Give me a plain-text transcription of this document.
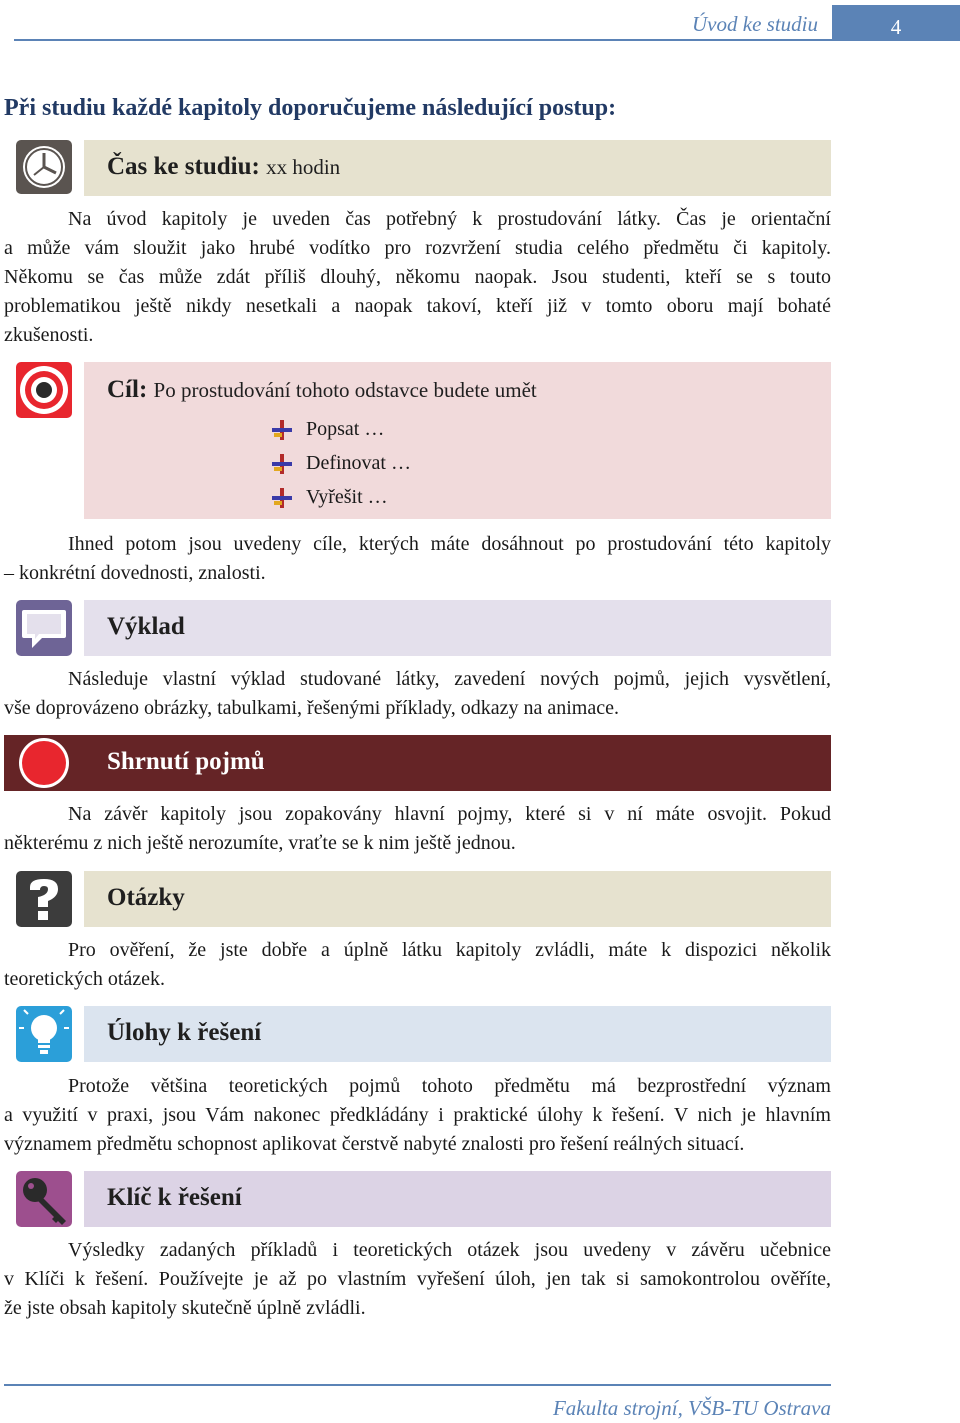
Úvod ke studiu	4
Při studiu každé kapitoly doporučujeme následující postup:
Čas ke studiu: xx hodin
Na úvod kapitoly je uveden čas potřebný k prostudování látky. Čas je orientační
a může vám sloužit jako hrubé vodítko pro rozvržení studia celého předmětu či kapitoly.
Někomu se čas může zdát příliš dlouhý, někomu naopak. Jsou studenti, kteří se s touto
problematikou ještě nikdy nesetkali a naopak takoví, kteří již v tomto oboru mají bohaté
zkušenosti.
Cíl: Po prostudování tohoto odstavce budete umět
Popsat …
Definovat …
Vyřešit …
Ihned potom jsou uvedeny cíle, kterých máte dosáhnout po prostudování této kapitoly
– konkrétní dovednosti, znalosti.
Výklad
Následuje vlastní výklad studované látky, zavedení nových pojmů, jejich vysvětlení,
vše doprovázeno obrázky, tabulkami, řešenými příklady, odkazy na animace.
Shrnutí pojmů
Na závěr kapitoly jsou zopakovány hlavní pojmy, které si v ní máte osvojit. Pokud
některému z nich ještě nerozumíte, vraťte se k nim ještě jednou.
Otázky
Pro ověření, že jste dobře a úplně látku kapitoly zvládli, máte k dispozici několik
teoretických otázek.
Úlohy k řešení
Protože většina teoretických pojmů tohoto předmětu má bezprostřední význam
a využití v praxi, jsou Vám nakonec předkládány i praktické úlohy k řešení. V nich je hlavním
významem předmětu schopnost aplikovat čerstvě nabyté znalosti pro řešení reálných situací.
Klíč k řešení
Výsledky zadaných příkladů i teoretických otázek jsou uvedeny v závěru učebnice
v Klíči k řešení. Používejte je až po vlastním vyřešení úloh, jen tak si samokontrolou ověříte,
že jste obsah kapitoly skutečně úplně zvládli.
Fakulta strojní, VŠB-TU Ostrava
